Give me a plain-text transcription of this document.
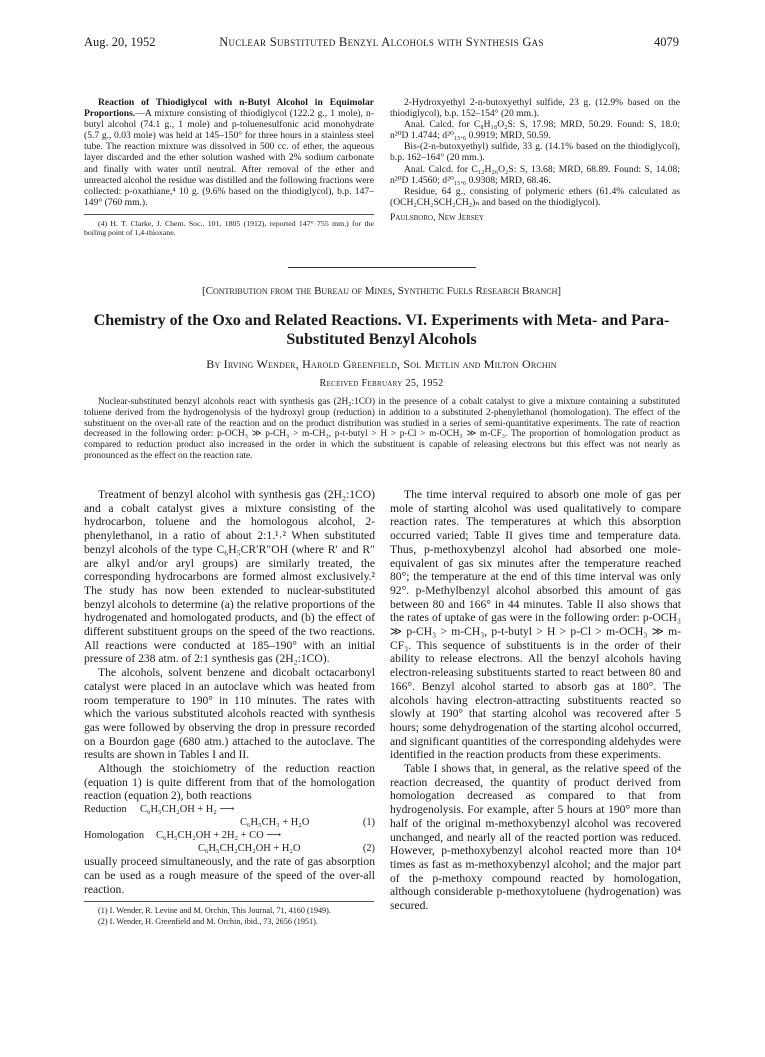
Aug. 20, 1952	Nuclear Substituted Benzyl Alcohols with Synthesis Gas	4079

Reaction of Thiodiglycol with n-Butyl Alcohol in Equimolar Proportions.—A mixture consisting of thiodiglycol (122.2 g., 1 mole), n-butyl alcohol (74.1 g., 1 mole) and p-toluenesulfonic acid monohydrate (5.7 g., 0.03 mole) was held at 145–150° for three hours in a stainless steel tube. The reaction mixture was dissolved in 500 cc. of ether, the aqueous layer discarded and the ether solution washed with 2% sodium carbonate and finally with water until neutral. After removal of the ether and unreacted alcohol the residue was distilled and the following fractions were collected: p-oxathiane,⁴ 10 g. (9.6% based on the thiodiglycol), b.p. 147–149° (760 mm.).

(4) H. T. Clarke, J. Chem. Soc., 101, 1805 (1912), reported 147° 755 mm.) for the boiling point of 1,4-thioxane.

2-Hydroxyethyl 2-n-butoxyethyl sulfide, 23 g. (12.9% based on the thiodiglycol), b.p. 152–154° (20 mm.).

Anal. Calcd. for C₈H₁₈O₂S: S, 17.98; MRD, 50.29. Found: S, 18.0; n²⁰D 1.4744; d²⁰₁₅.₆ 0.9919; MRD, 50.59.

Bis-(2-n-butoxyethyl) sulfide, 33 g. (14.1% based on the thiodiglycol), b.p. 162–164° (20 mm.).

Anal. Calcd. for C₁₂H₂₆O₂S: S, 13.68; MRD, 68.89. Found: S, 14.08; n²⁰D 1.4560; d²⁰₁₅.₆ 0.9308; MRD, 68.46.

Residue, 64 g., consisting of polymeric ethers (61.4% calculated as (OCH₂CH₂SCH₂CH₂)ₙ and based on the thiodiglycol).

Paulsboro, New Jersey

[Contribution from the Bureau of Mines, Synthetic Fuels Research Branch]
Chemistry of the Oxo and Related Reactions. VI. Experiments with Meta- and Para-
Substituted Benzyl Alcohols
By Irving Wender, Harold Greenfield, Sol Metlin and Milton Orchin
Received February 25, 1952
Nuclear-substituted benzyl alcohols react with synthesis gas (2H₂:1CO) in the presence of a cobalt catalyst to give a mixture containing a substituted toluene derived from the hydrogenolysis of the hydroxyl group (reduction) in addition to a substituted 2-phenylethanol (homologation). The effect of the substituent on the over-all rate of the reaction and on the product distribution was studied in a series of semi-quantitative experiments. The rate of reaction decreased in the following order: p-OCH₃ ≫ p-CH₃ > m-CH₃, p-t-butyl > H > p-Cl > m-OCH₃ ≫ m-CF₃. The proportion of homologation product as compared to reduction product also increased in the order in which the substituent is capable of releasing electrons but this effect was not nearly as pronounced as the effect on the reaction rate.

Treatment of benzyl alcohol with synthesis gas (2H₂:1CO) and a cobalt catalyst gives a mixture consisting of the hydrocarbon, toluene and the homologous alcohol, 2-phenylethanol, in a ratio of about 2:1.¹˒² When substituted benzyl alcohols of the type C₆H₅CR′R″OH (where R′ and R″ are alkyl and/or aryl groups) are similarly treated, the corresponding hydrocarbons are formed almost exclusively.² The study has now been extended to nuclear-substituted benzyl alcohols to determine (a) the relative proportions of the hydrogenated and homologated products, and (b) the effect of different substituent groups on the speed of the two reactions. All reactions were conducted at 185–190° with an initial pressure of 238 atm. of 2:1 synthesis gas (2H₂:1CO).

The alcohols, solvent benzene and dicobalt octacarbonyl catalyst were placed in an autoclave which was heated from room temperature to 190° in 110 minutes. The rates with which the various substituted alcohols reacted with synthesis gas were followed by observing the drop in pressure recorded on a Bourdon gage (680 atm.) attached to the autoclave. The results are shown in Tables I and II.

Although the stoichiometry of the reduction reaction (equation 1) is quite different from that of the homologation reaction (equation 2), both reactions

Reduction C₆H₅CH₂OH + H₂ ⟶
C₆H₅CH₃ + H₂O	(1)
Homologation C₆H₅CH₂OH + 2H₂ + CO ⟶
C₆H₅CH₂CH₂OH + H₂O	(2)

usually proceed simultaneously, and the rate of gas absorption can be used as a rough measure of the speed of the over-all reaction.

(1) I. Wender, R. Levine and M. Orchin, This Journal, 71, 4160 (1949).

(2) I. Wender, H. Greenfield and M. Orchin, ibid., 73, 2656 (1951).

The time interval required to absorb one mole of gas per mole of starting alcohol was used qualitatively to compare reaction rates. The temperatures at which this absorption occurred varied; Table II gives time and temperature data. Thus, p-methoxybenzyl alcohol had absorbed one mole-equivalent of gas six minutes after the temperature reached 80°; the temperature at the end of this time interval was only 92°. p-Methylbenzyl alcohol absorbed this amount of gas between 80 and 166° in 44 minutes. Table II also shows that the rates of uptake of gas were in the following order: p-OCH₃ ≫ p-CH₃ > m-CH₃, p-t-butyl > H > p-Cl > m-OCH₃ ≫ m-CF₃. This sequence of substituents is in the order of their ability to release electrons. All the benzyl alcohols having electron-releasing substituents started to react between 80 and 166°. Benzyl alcohol started to absorb gas at 180°. The alcohols having electron-attracting substituents reacted so slowly at 190° that starting alcohol was recovered after 5 hours; some dehydrogenation of the starting alcohol occurred, and significant quantities of the corresponding aldehydes were identified in the reaction products from these experiments.

Table I shows that, in general, as the relative speed of the reaction decreased, the quantity of product derived from homologation decreased as compared to that from hydrogenolysis. For example, after 5 hours at 190° more than half of the original m-methoxybenzyl alcohol was recovered unchanged, and nearly all of the reacted portion was reduced. However, p-methoxybenzyl alcohol reacted more than 10⁴ times as fast as m-methoxybenzyl alcohol; and the major part of the p-methoxy compound reacted by homologation, although considerable p-methoxytoluene (hydrogenation) was secured.
